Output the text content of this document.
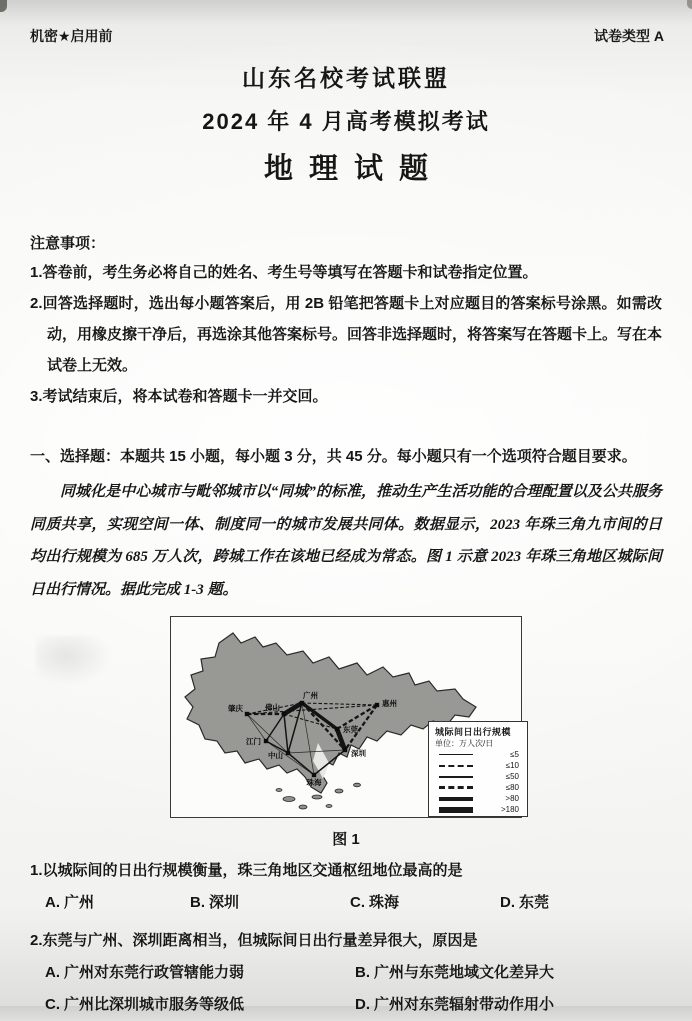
机密★启用前	试卷类型 A
山东名校考试联盟
2024 年 4 月高考模拟考试
地理试题
注意事项：
1.答卷前，考生务必将自己的姓名、考生号等填写在答题卡和试卷指定位置。
2.回答选择题时，选出每小题答案后，用 2B 铅笔把答题卡上对应题目的答案标号涂黑。如需改动，用橡皮擦干净后，再选涂其他答案标号。回答非选择题时，将答案写在答题卡上。写在本试卷上无效。
3.考试结束后，将本试卷和答题卡一并交回。
一、选择题：本题共 15 小题，每小题 3 分，共 45 分。每小题只有一个选项符合题目要求。
同城化是中心城市与毗邻城市以“同城”的标准，推动生产生活功能的合理配置以及公共服务同质共享，实现空间一体、制度同一的城市发展共同体。数据显示，2023 年珠三角九市间的日均出行规模为 685 万人次，跨城工作在该地已经成为常态。图 1 示意 2023 年珠三角地区城际间日出行情况。据此完成 1-3 题。
肇庆	佛山
广州
惠州
东莞
江门
中山	深圳
珠海
城际间日出行规模
单位：万人次/日
≤5
≤10
≤50
≤80
>80
>180
图 1
1.以城际间的日出行规模衡量，珠三角地区交通枢纽地位最高的是
A. 广州	B. 深圳	C. 珠海	D. 东莞
2.东莞与广州、深圳距离相当，但城际间日出行量差异很大，原因是
A. 广州对东莞行政管辖能力弱	B. 广州与东莞地域文化差异大
C. 广州比深圳城市服务等级低	D. 广州对东莞辐射带动作用小
